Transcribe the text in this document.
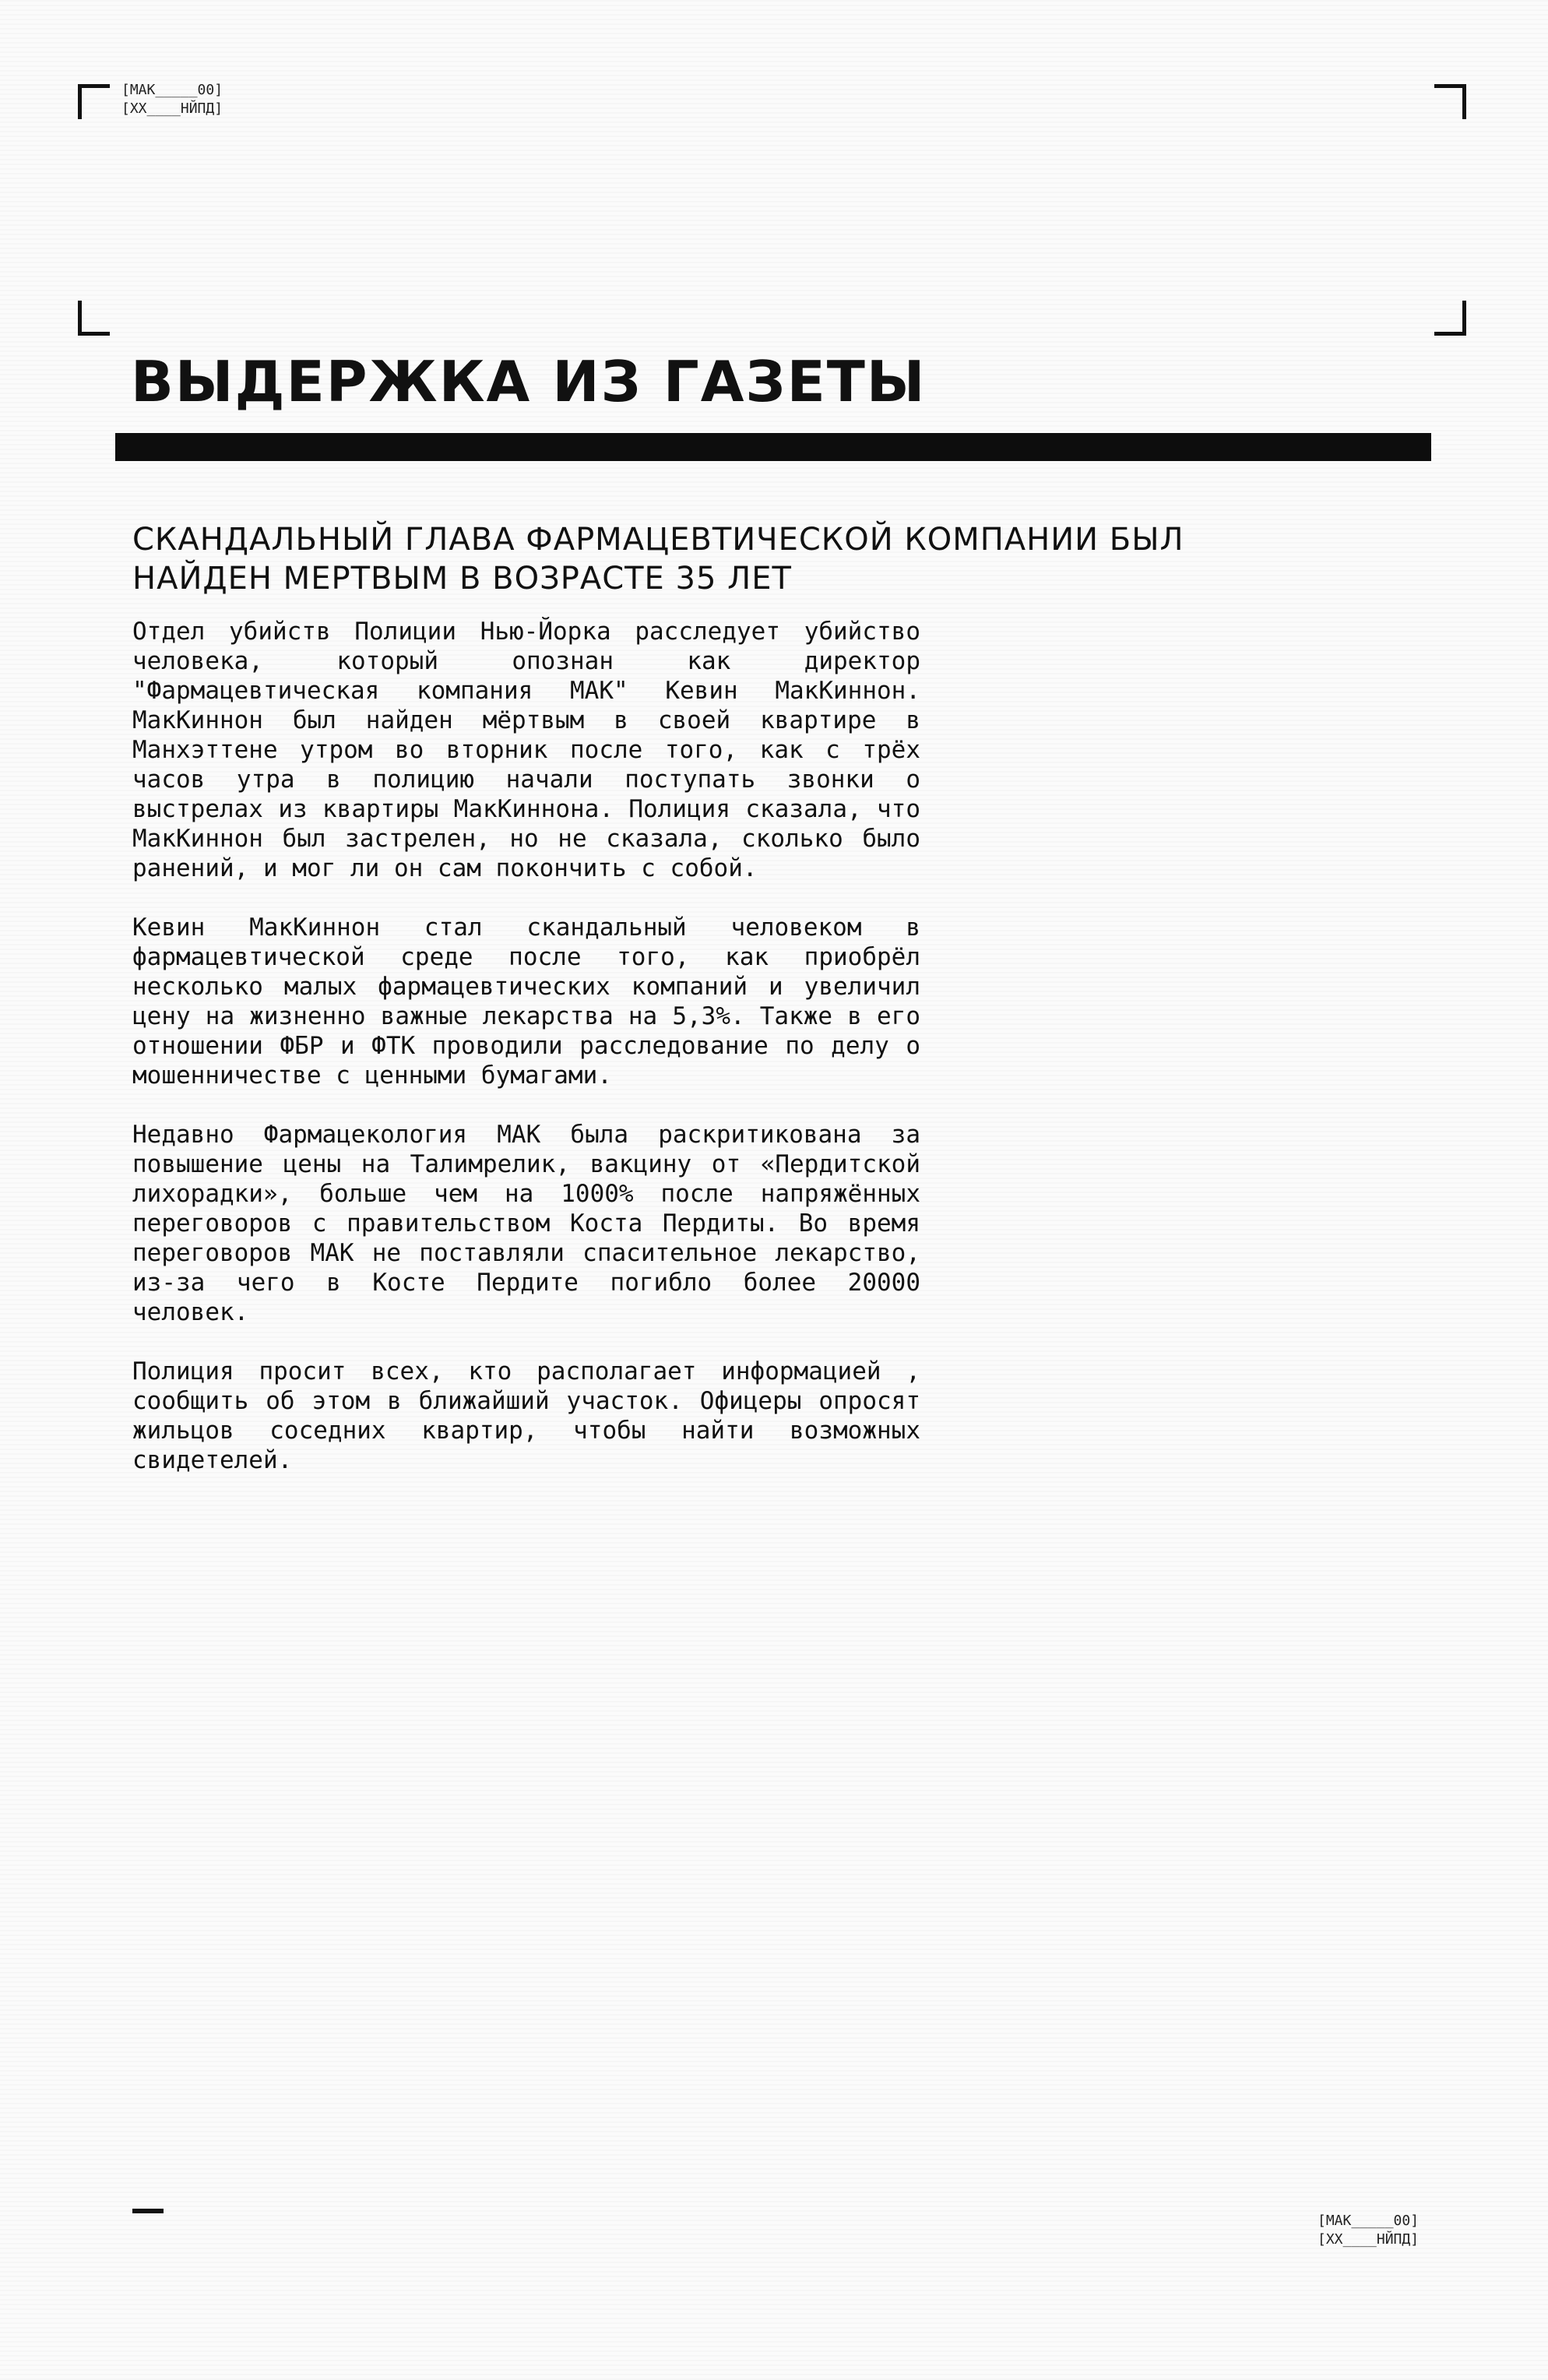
[MAK_____00]
[XX____НЙПД]
ВЫДЕРЖКА ИЗ ГАЗЕТЫ
СКАНДАЛЬНЫЙ ГЛАВА ФАРМАЦЕВТИЧЕСКОЙ КОМПАНИИ БЫЛ
НАЙДЕН МЕРТВЫМ В ВОЗРАСТЕ 35 ЛЕТ

Отдел убийств Полиции Нью-Йорка расследует убийство человека, который опознан как директор "Фармацевтическая компания МАК" Кевин МакКиннон. МакКиннон был найден мёртвым в своей квартире в Манхэттене утром во вторник после того, как с трёх часов утра в полицию начали поступать звонки о выстрелах из квартиры МакКиннона. Полиция сказала, что МакКиннон был застрелен, но не сказала, сколько было ранений, и мог ли он сам покончить с собой.

Кевин МакКиннон стал скандальный человеком в фармацевтической среде после того, как приобрёл несколько малых фармацевтических компаний и увеличил цену на жизненно важные лекарства на 5,3%. Также в его отношении ФБР и ФТК проводили расследование по делу о мошенничестве с ценными бумагами.

Недавно Фармацекология МАК была раскритикована за повышение цены на Талимрелик, вакцину от «Пердитской лихорадки», больше чем на 1000% после напряжённых переговоров с правительством Коста Пердиты. Во время переговоров МАК не поставляли спасительное лекарство, из-за чего в Косте Пердите погибло более 20000 человек.

Полиция просит всех, кто располагает информацией , сообщить об этом в ближайший участок. Офицеры опросят жильцов соседних квартир, чтобы найти возможных свидетелей.

[MAK_____00]
[XX____НЙПД]
